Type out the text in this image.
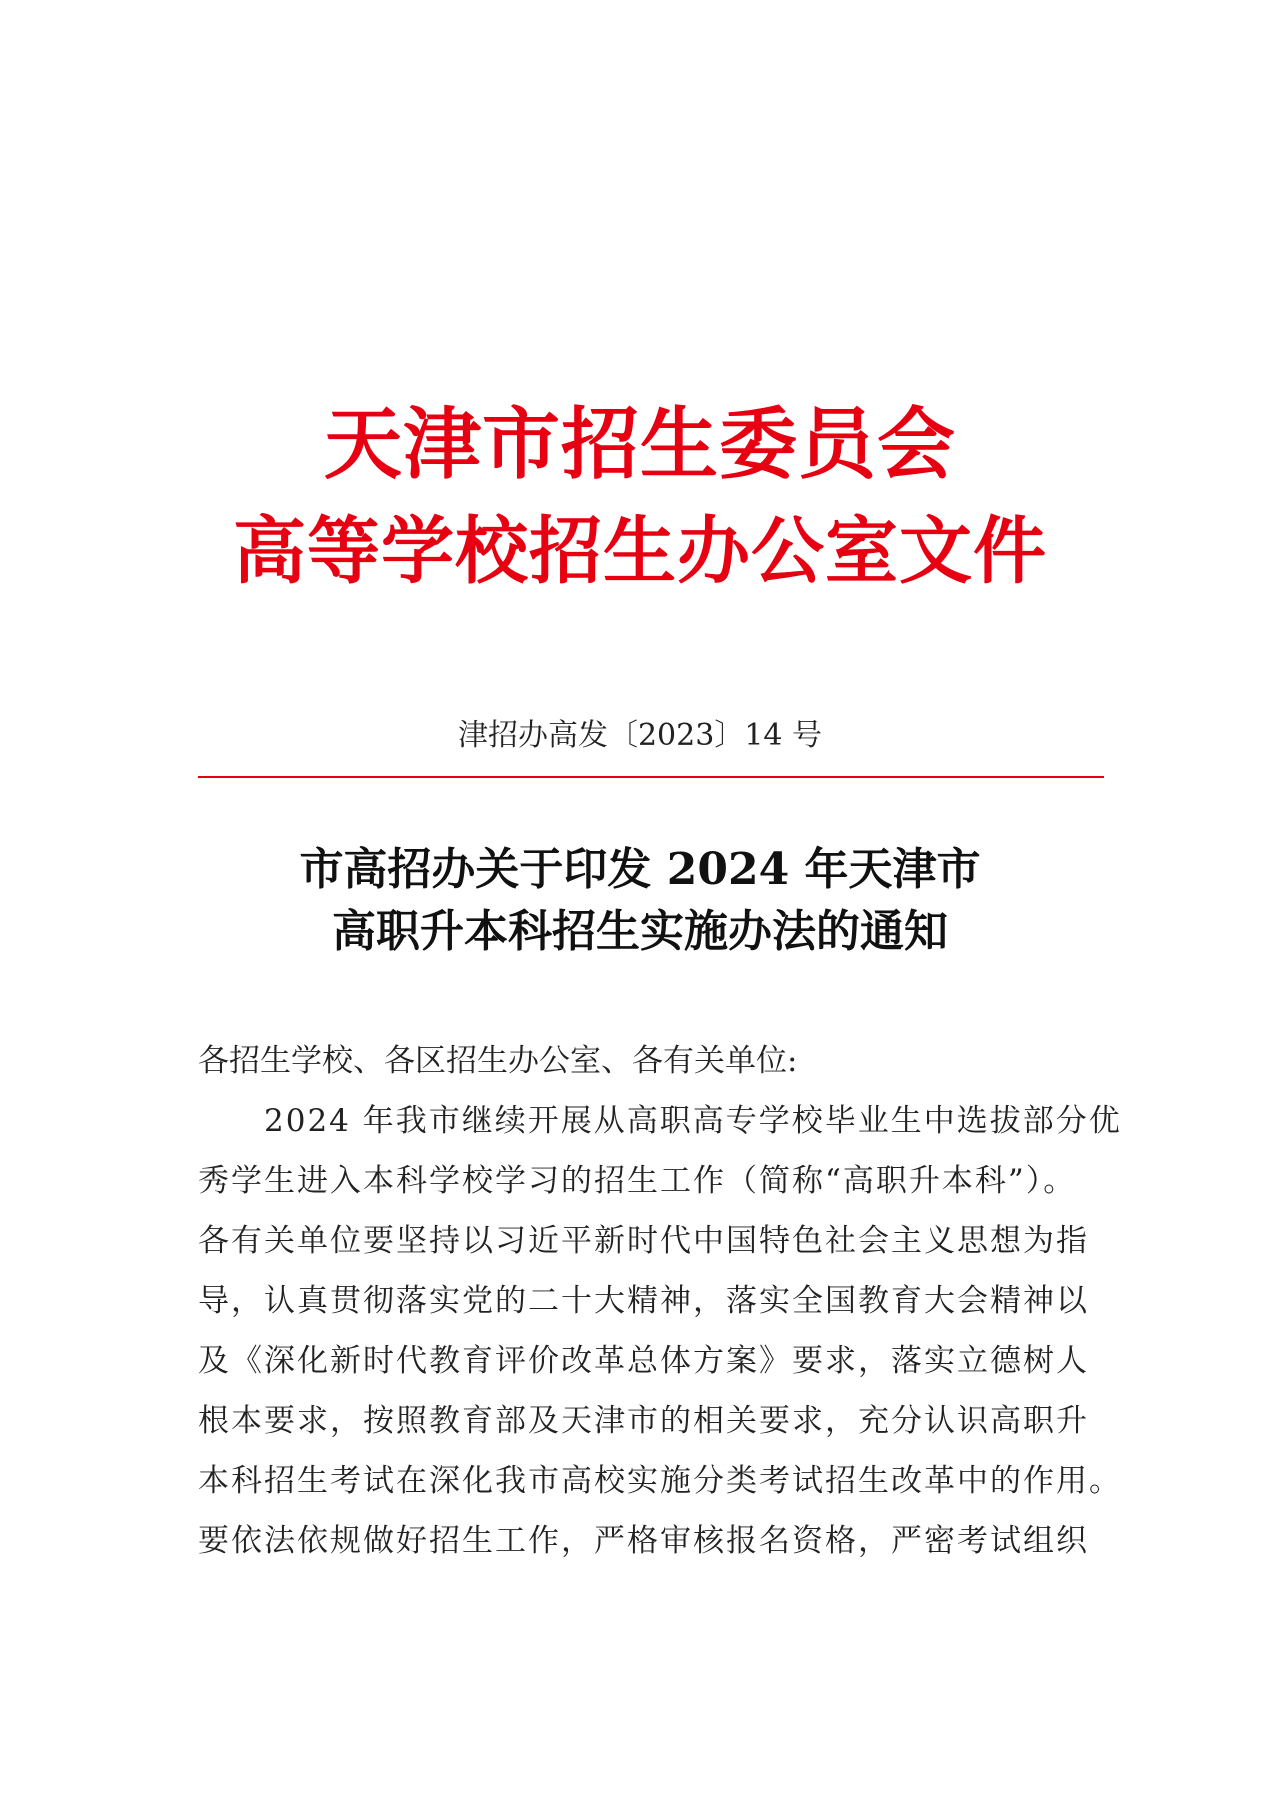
天津市招生委员会
高等学校招生办公室文件
津招办高发〔2023〕14 号
市高招办关于印发 2024 年天津市
高职升本科招生实施办法的通知
各招生学校、各区招生办公室、各有关单位:
　　2024 年我市继续开展从高职高专学校毕业生中选拔部分优
秀学生进入本科学校学习的招生工作（简称“高职升本科”）。
各有关单位要坚持以习近平新时代中国特色社会主义思想为指
导，认真贯彻落实党的二十大精神，落实全国教育大会精神以
及《深化新时代教育评价改革总体方案》要求，落实立德树人
根本要求，按照教育部及天津市的相关要求，充分认识高职升
本科招生考试在深化我市高校实施分类考试招生改革中的作用。
要依法依规做好招生工作，严格审核报名资格，严密考试组织
